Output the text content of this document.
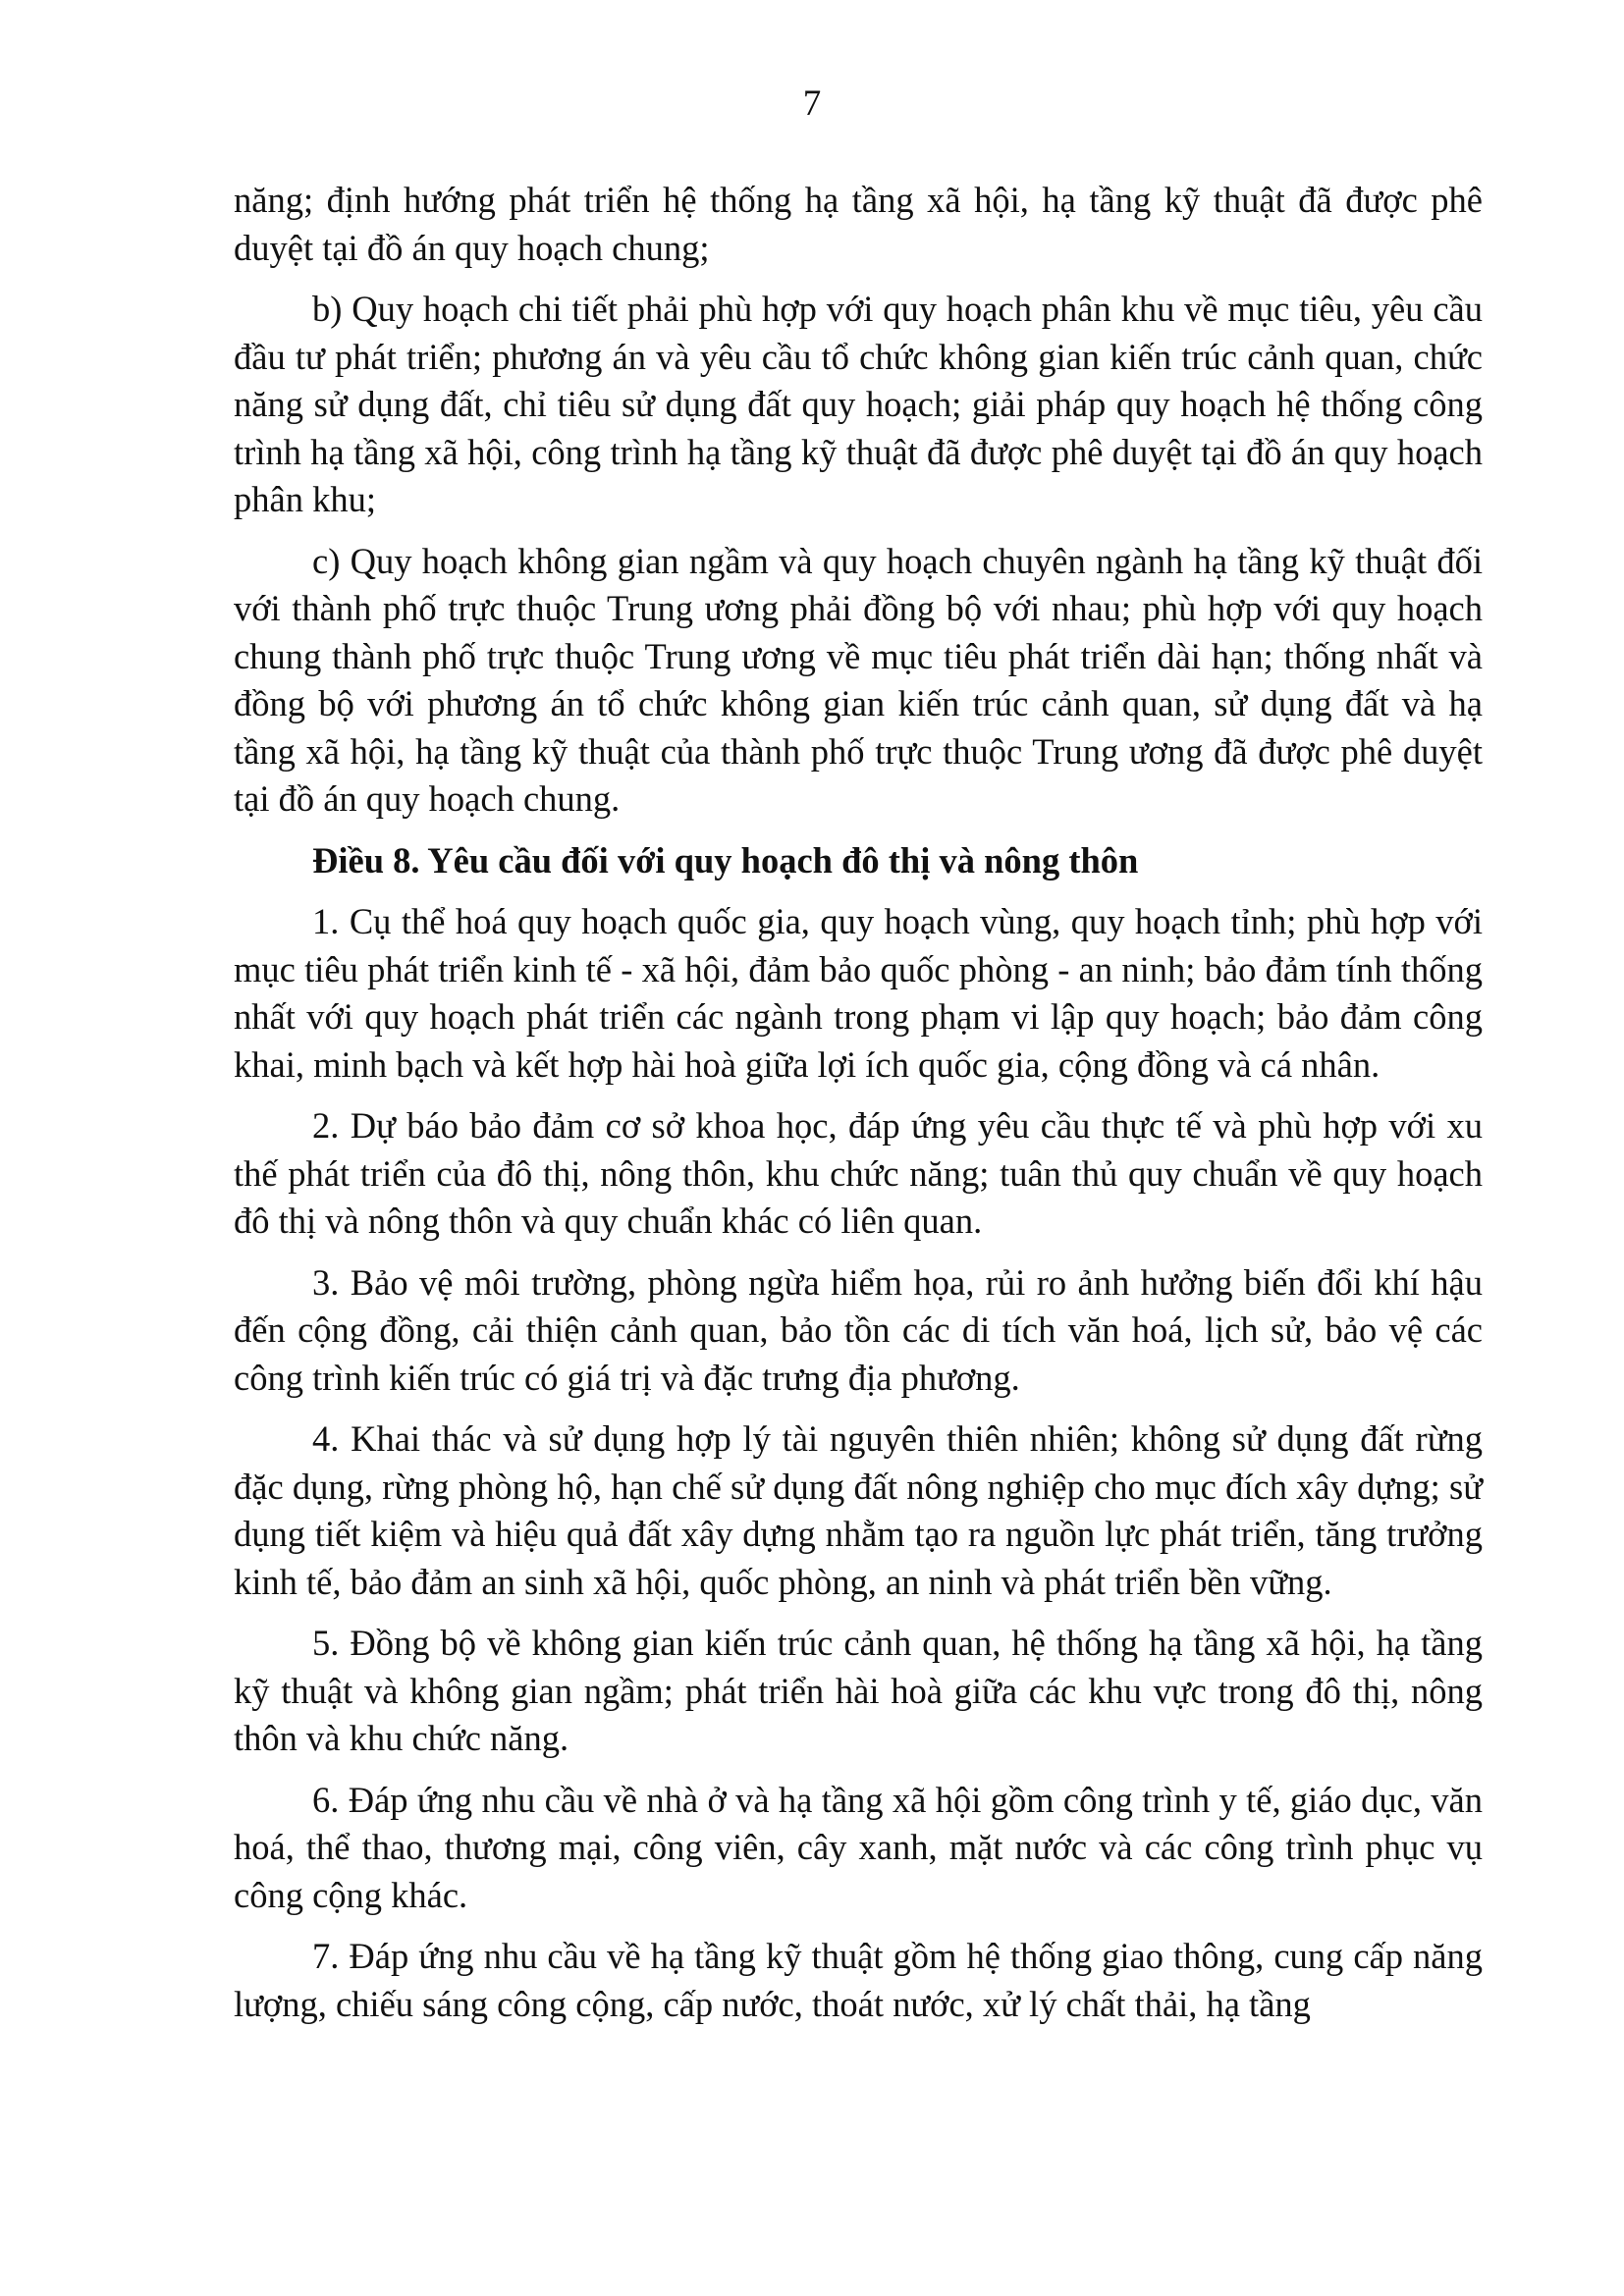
7

năng; định hướng phát triển hệ thống hạ tầng xã hội, hạ tầng kỹ thuật đã được phê duyệt tại đồ án quy hoạch chung;

b) Quy hoạch chi tiết phải phù hợp với quy hoạch phân khu về mục tiêu, yêu cầu đầu tư phát triển; phương án và yêu cầu tổ chức không gian kiến trúc cảnh quan, chức năng sử dụng đất, chỉ tiêu sử dụng đất quy hoạch; giải pháp quy hoạch hệ thống công trình hạ tầng xã hội, công trình hạ tầng kỹ thuật đã được phê duyệt tại đồ án quy hoạch phân khu;

c) Quy hoạch không gian ngầm và quy hoạch chuyên ngành hạ tầng kỹ thuật đối với thành phố trực thuộc Trung ương phải đồng bộ với nhau; phù hợp với quy hoạch chung thành phố trực thuộc Trung ương về mục tiêu phát triển dài hạn; thống nhất và đồng bộ với phương án tổ chức không gian kiến trúc cảnh quan, sử dụng đất và hạ tầng xã hội, hạ tầng kỹ thuật của thành phố trực thuộc Trung ương đã được phê duyệt tại đồ án quy hoạch chung.

Điều 8. Yêu cầu đối với quy hoạch đô thị và nông thôn

1. Cụ thể hoá quy hoạch quốc gia, quy hoạch vùng, quy hoạch tỉnh; phù hợp với mục tiêu phát triển kinh tế - xã hội, đảm bảo quốc phòng - an ninh; bảo đảm tính thống nhất với quy hoạch phát triển các ngành trong phạm vi lập quy hoạch; bảo đảm công khai, minh bạch và kết hợp hài hoà giữa lợi ích quốc gia, cộng đồng và cá nhân.

2. Dự báo bảo đảm cơ sở khoa học, đáp ứng yêu cầu thực tế và phù hợp với xu thế phát triển của đô thị, nông thôn, khu chức năng; tuân thủ quy chuẩn về quy hoạch đô thị và nông thôn và quy chuẩn khác có liên quan.

3. Bảo vệ môi trường, phòng ngừa hiểm họa, rủi ro ảnh hưởng biến đổi khí hậu đến cộng đồng, cải thiện cảnh quan, bảo tồn các di tích văn hoá, lịch sử, bảo vệ các công trình kiến trúc có giá trị và đặc trưng địa phương.

4. Khai thác và sử dụng hợp lý tài nguyên thiên nhiên; không sử dụng đất rừng đặc dụng, rừng phòng hộ, hạn chế sử dụng đất nông nghiệp cho mục đích xây dựng; sử dụng tiết kiệm và hiệu quả đất xây dựng nhằm tạo ra nguồn lực phát triển, tăng trưởng kinh tế, bảo đảm an sinh xã hội, quốc phòng, an ninh và phát triển bền vững.

5. Đồng bộ về không gian kiến trúc cảnh quan, hệ thống hạ tầng xã hội, hạ tầng kỹ thuật và không gian ngầm; phát triển hài hoà giữa các khu vực trong đô thị, nông thôn và khu chức năng.

6. Đáp ứng nhu cầu về nhà ở và hạ tầng xã hội gồm công trình y tế, giáo dục, văn hoá, thể thao, thương mại, công viên, cây xanh, mặt nước và các công trình phục vụ công cộng khác.

7. Đáp ứng nhu cầu về hạ tầng kỹ thuật gồm hệ thống giao thông, cung cấp năng lượng, chiếu sáng công cộng, cấp nước, thoát nước, xử lý chất thải, hạ tầng
